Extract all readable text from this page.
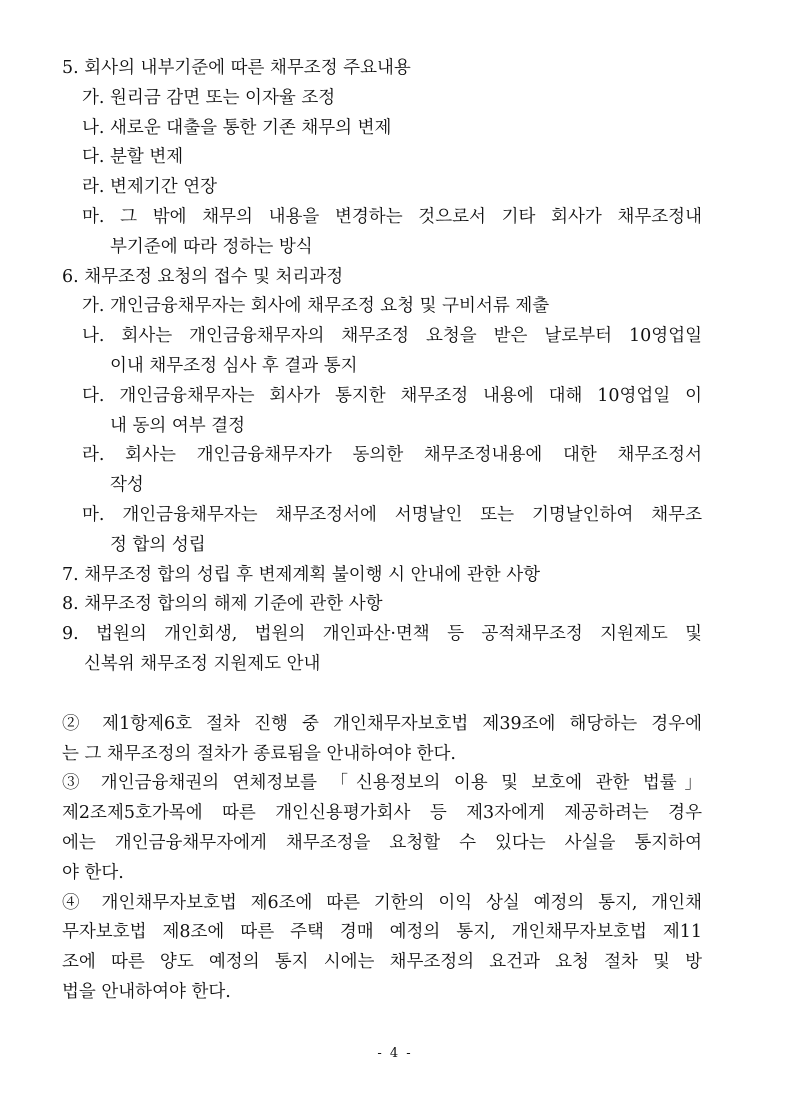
5. 회사의 내부기준에 따른 채무조정 주요내용
가. 원리금 감면 또는 이자율 조정
나. 새로운 대출을 통한 기존 채무의 변제
다. 분할 변제
라. 변제기간 연장
마. 그 밖에 채무의 내용을 변경하는 것으로서 기타 회사가 채무조정내
부기준에 따라 정하는 방식
6. 채무조정 요청의 접수 및 처리과정
가. 개인금융채무자는 회사에 채무조정 요청 및 구비서류 제출
나. 회사는 개인금융채무자의 채무조정 요청을 받은 날로부터 10영업일
이내 채무조정 심사 후 결과 통지
다. 개인금융채무자는 회사가 통지한 채무조정 내용에 대해 10영업일 이
내 동의 여부 결정
라. 회사는 개인금융채무자가 동의한 채무조정내용에 대한 채무조정서
작성
마. 개인금융채무자는 채무조정서에 서명날인 또는 기명날인하여 채무조
정 합의 성립
7. 채무조정 합의 성립 후 변제계획 불이행 시 안내에 관한 사항
8. 채무조정 합의의 해제 기준에 관한 사항
9. 법원의 개인회생, 법원의 개인파산·면책 등 공적채무조정 지원제도 및
신복위 채무조정 지원제도 안내
② 제1항제6호 절차 진행 중 개인채무자보호법 제39조에 해당하는 경우에
는 그 채무조정의 절차가 종료됨을 안내하여야 한다.
③ 개인금융채권의 연체정보를 「신용정보의 이용 및 보호에 관한 법률」
제2조제5호가목에 따른 개인신용평가회사 등 제3자에게 제공하려는 경우
에는 개인금융채무자에게 채무조정을 요청할 수 있다는 사실을 통지하여
야 한다.
④ 개인채무자보호법 제6조에 따른 기한의 이익 상실 예정의 통지, 개인채
무자보호법 제8조에 따른 주택 경매 예정의 통지, 개인채무자보호법 제11
조에 따른 양도 예정의 통지 시에는 채무조정의 요건과 요청 절차 및 방
법을 안내하여야 한다.
- 4 -
